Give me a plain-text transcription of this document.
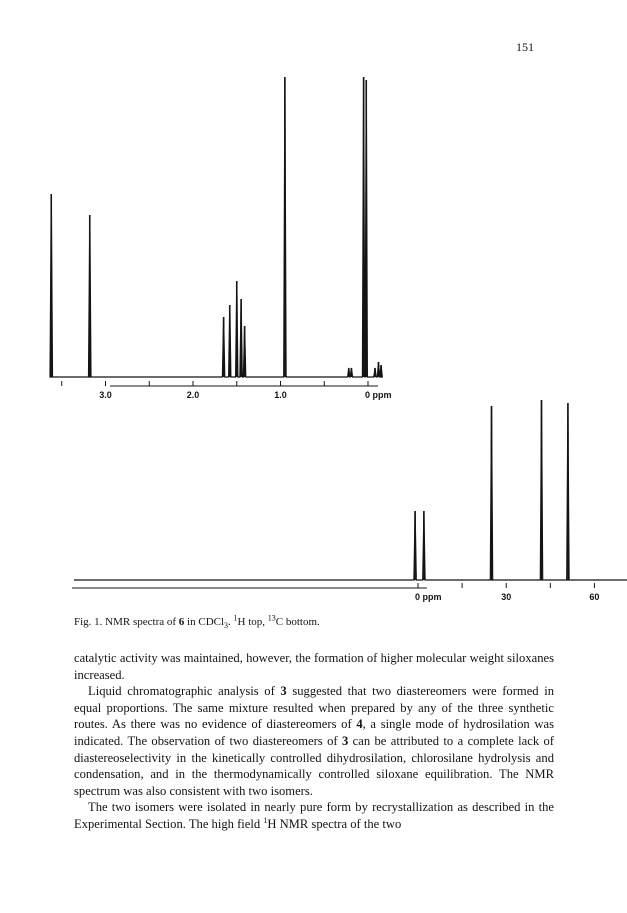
151
3.0	2.0	1.0	0 ppm
60
30
0 ppm
Fig. 1. NMR spectra of 6 in CDCl$_3$. $^1$H top, $^{13}$C bottom.

catalytic activity was maintained, however, the formation of higher molecular weight siloxanes increased.

Liquid chromatographic analysis of 3 suggested that two diastereomers were formed in equal proportions. The same mixture resulted when prepared by any of the three synthetic routes. As there was no evidence of diastereomers of 4, a single mode of hydrosilation was indicated. The observation of two diastereomers of 3 can be attributed to a complete lack of diastereoselectivity in the kinetically controlled dihydrosilation, chlorosilane hydrolysis and condensation, and in the thermodynamically controlled siloxane equilibration. The NMR spectrum was also consistent with two isomers.

The two isomers were isolated in nearly pure form by recrystallization as described in the Experimental Section. The high field $^1$H NMR spectra of the two
